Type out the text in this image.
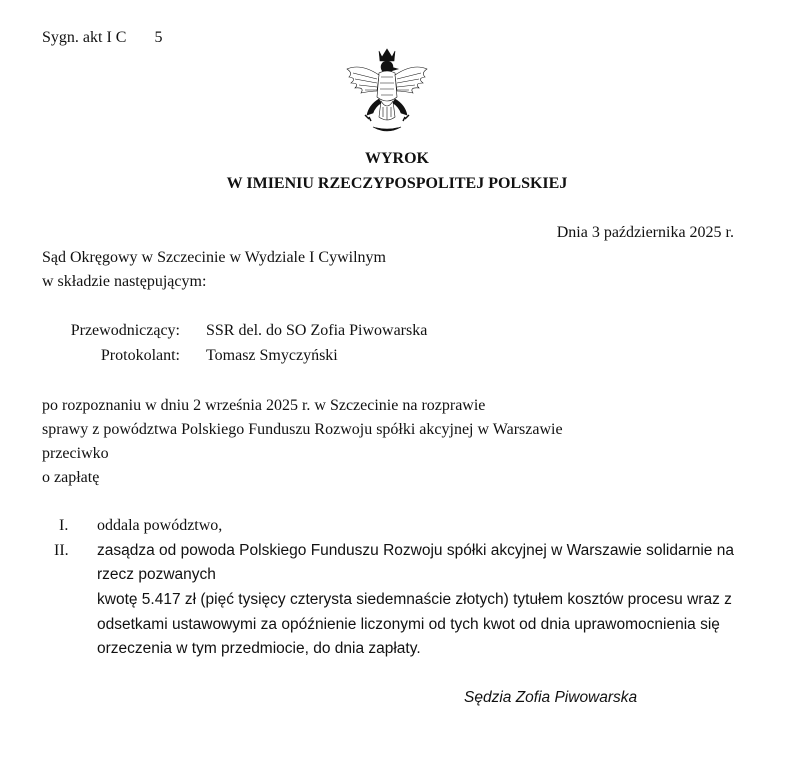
Sygn. akt I C 5
WYROK
W IMIENIU RZECZYPOSPOLITEJ POLSKIEJ
Dnia 3 października 2025 r.
Sąd Okręgowy w Szczecinie w Wydziale I Cywilnym
w składzie następującym:
Przewodniczący: SSR del. do SO Zofia Piwowarska
Protokolant: Tomasz Smyczyński
po rozpoznaniu w dniu 2 września 2025 r. w Szczecinie na rozprawie
sprawy z powództwa Polskiego Funduszu Rozwoju spółki akcyjnej w Warszawie
przeciwko
o zapłatę
I. oddala powództwo,
II. zasądza od powoda Polskiego Funduszu Rozwoju spółki akcyjnej w Warszawie solidarnie na
rzecz pozwanych
kwotę 5.417 zł (pięć tysięcy czterysta siedemnaście złotych) tytułem kosztów procesu wraz z
odsetkami ustawowymi za opóźnienie liczonymi od tych kwot od dnia uprawomocnienia się
orzeczenia w tym przedmiocie, do dnia zapłaty.
Sędzia Zofia Piwowarska
